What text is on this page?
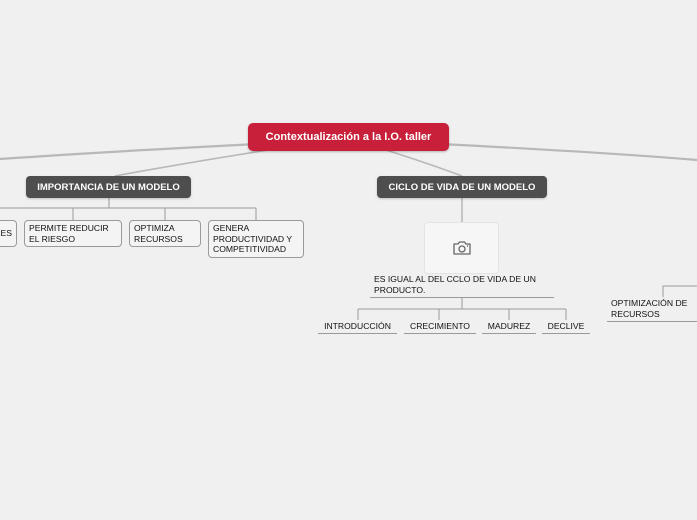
Contextualización a la I.O. taller
IMPORTANCIA DE UN MODELO
ES
PERMITE REDUCIR EL RIESGO
OPTIMIZA RECURSOS
GENERA PRODUCTIVIDAD Y COMPETITIVIDAD
CICLO DE VIDA DE UN MODELO
ES IGUAL AL DEL CCLO DE VIDA DE UN PRODUCTO.
INTRODUCCIÓN	CRECIMIENTO	MADUREZ	DECLIVE
OPTIMIZACIÓN DE RECURSOS
